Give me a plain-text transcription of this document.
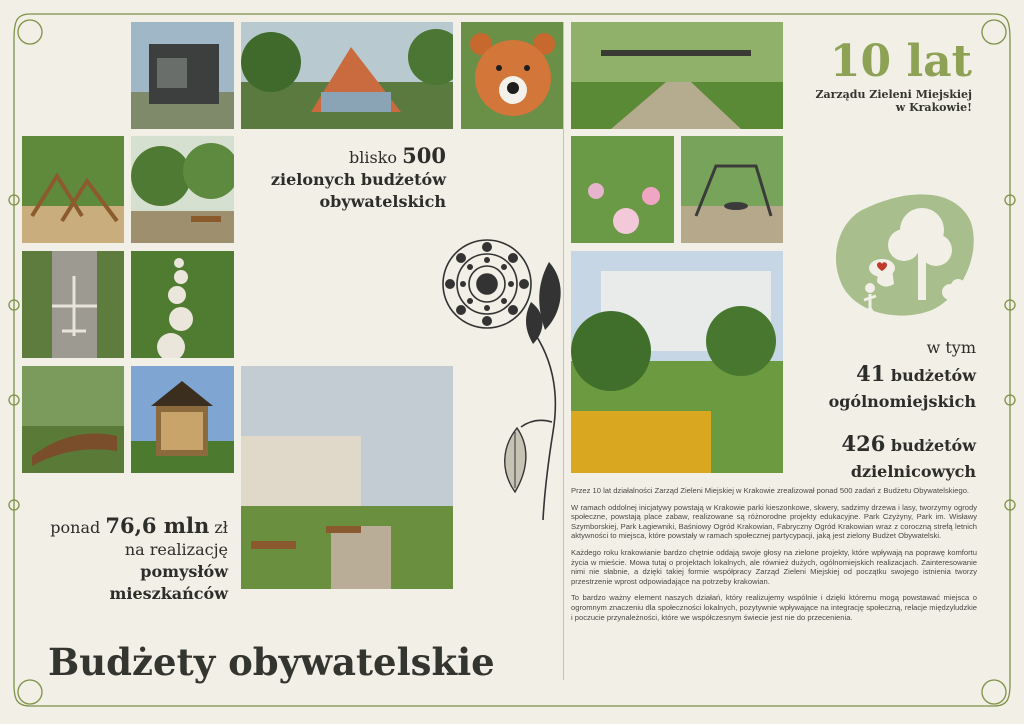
10 lat
Zarządu Zieleni Miejskiej
w Krakowie!
blisko 500
zielonych budżetów
obywatelskich
ponad 76,6 mln zł
na realizację
pomysłów mieszkańców
w tym
41 budżetów
ogólnomiejskich
426 budżetów
dzielnicowych

Przez 10 lat działalności Zarząd Zieleni Miejskiej w Krakowie zrealizował ponad 500 zadań z Budżetu Obywatelskiego.

W ramach oddolnej inicjatywy powstają w Krakowie parki kieszonkowe, skwery, sadzimy drzewa i lasy, tworzymy ogrody społeczne, powstają place zabaw, realizowane są różnorodne projekty edukacyjne. Park Czyżyny, Park im. Wisławy Szymborskiej, Park Łagiewniki, Baśniowy Ogród Krakowian, Fabryczny Ogród Krakowian wraz z coroczną strefą letnich aktywności to miejsca, które powstały w ramach społecznej partycypacji, jaką jest zielony Budżet Obywatelski.

Każdego roku krakowianie bardzo chętnie oddają swoje głosy na zielone projekty, które wpływają na poprawę komfortu życia w mieście. Mowa tutaj o projektach lokalnych, ale również dużych, ogólnomiejskich realizacjach. Zainteresowanie nimi nie słabnie, a dzięki takiej formie współpracy Zarząd Zieleni Miejskiej od początku swojego istnienia tworzy przestrzenie wprost odpowiadające na potrzeby krakowian.

To bardzo ważny element naszych działań, który realizujemy wspólnie i dzięki któremu mogą powstawać miejsca o ogromnym znaczeniu dla społeczności lokalnych, pozytywnie wpływające na integrację społeczną, relacje międzyludzkie i poczucie przynależności, które we współczesnym świecie jest nie do przecenienia.

Budżety obywatelskie
